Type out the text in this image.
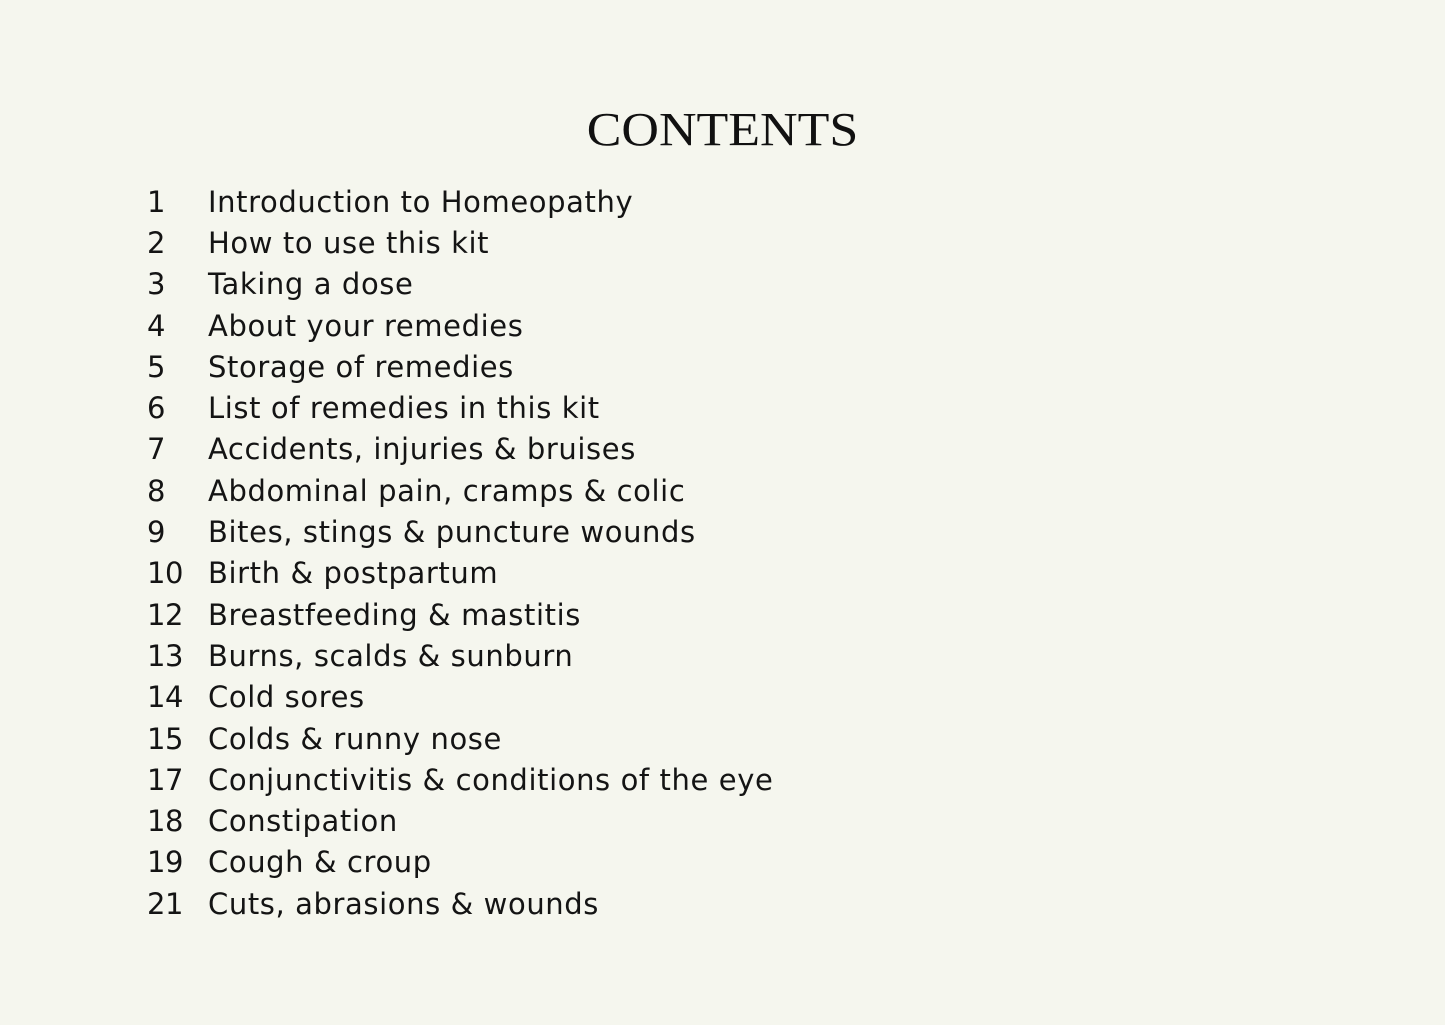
CONTENTS
1	Introduction to Homeopathy
2	How to use this kit
3	Taking a dose
4	About your remedies
5	Storage of remedies
6	List of remedies in this kit
7	Accidents, injuries & bruises
8	Abdominal pain, cramps & colic
9	Bites, stings & puncture wounds
10 Birth & postpartum
12 Breastfeeding & mastitis
13 Burns, scalds & sunburn
14 Cold sores
15 Colds & runny nose
17 Conjunctivitis & conditions of the eye
18 Constipation
19 Cough & croup
21 Cuts, abrasions & wounds
